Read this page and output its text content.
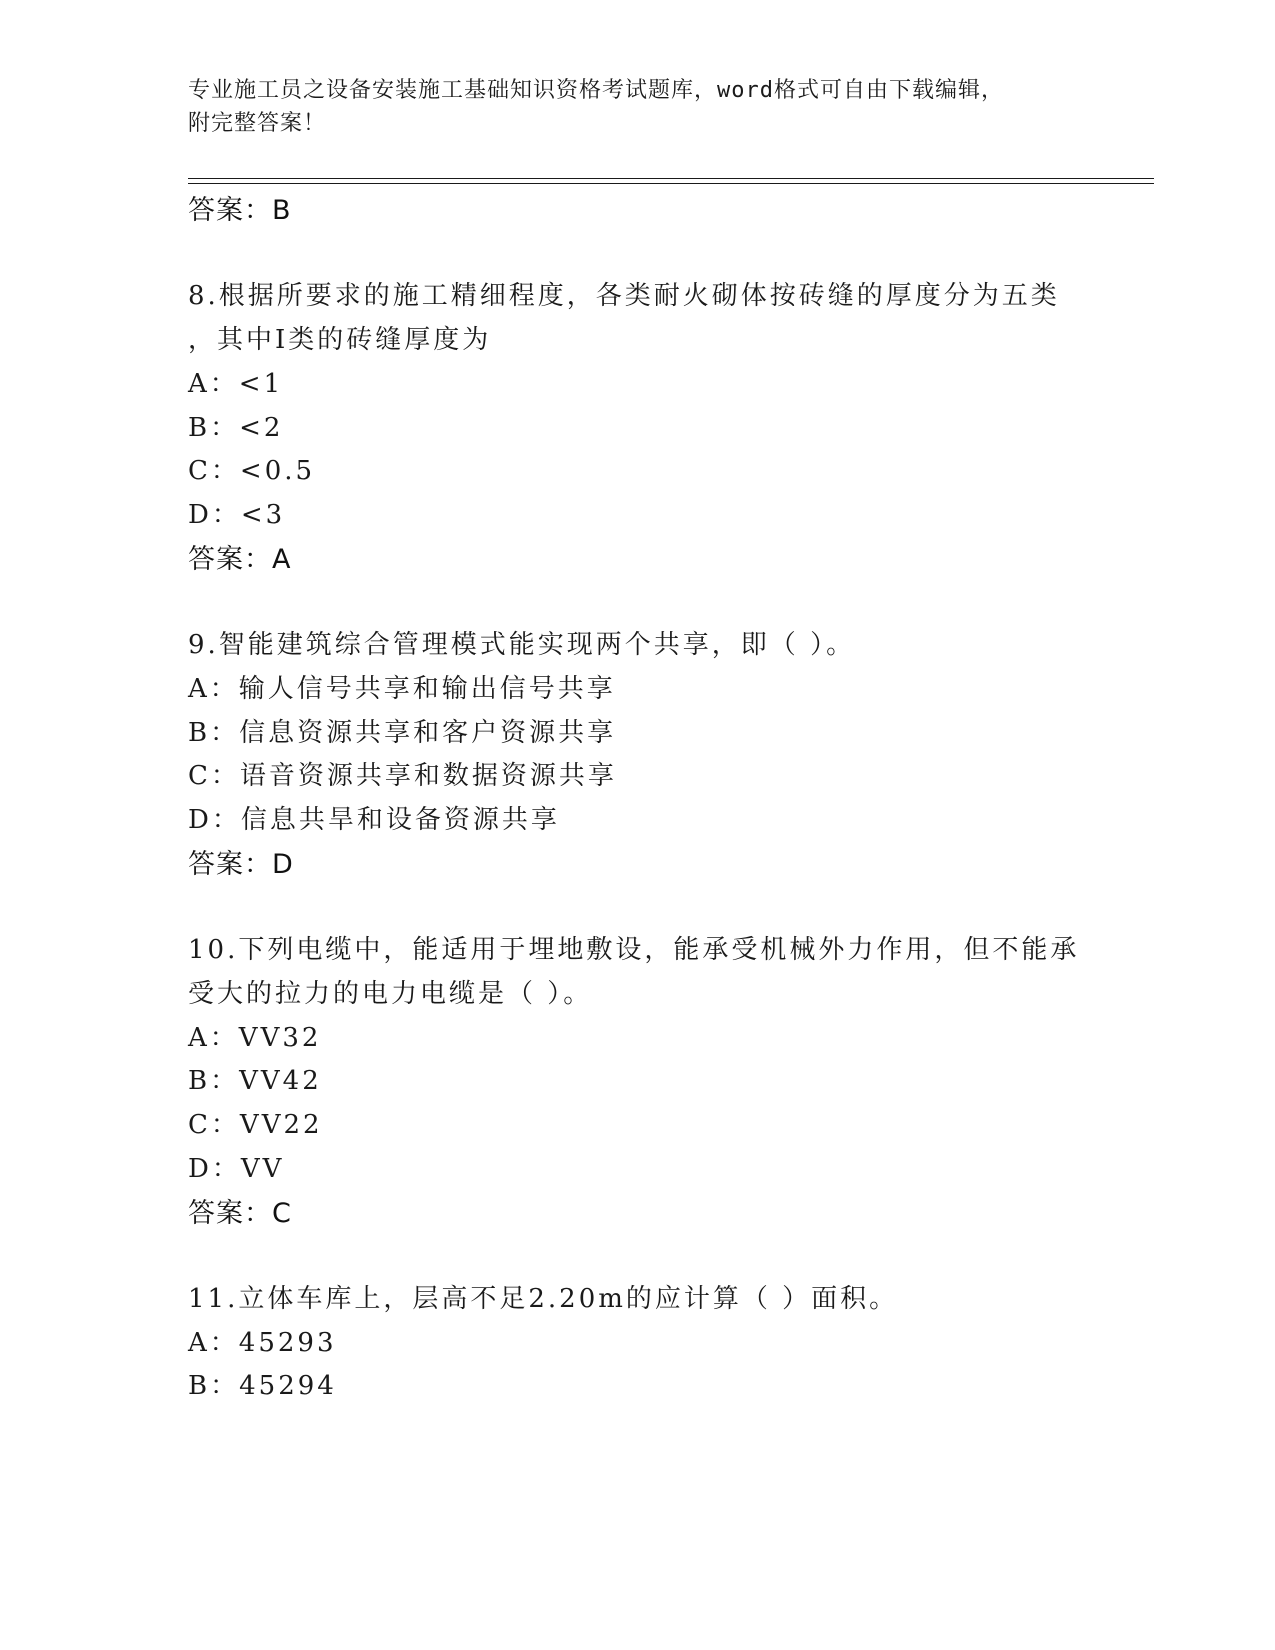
专业施工员之设备安装施工基础知识资格考试题库，word格式可自由下载编辑，
附完整答案！
答案：B
8.根据所要求的施工精细程度，各类耐火砌体按砖缝的厚度分为五类
，其中Ⅰ类的砖缝厚度为
A：<1
B：<2
C：<0.5
D：<3
答案：A
9.智能建筑综合管理模式能实现两个共享，即（ ）。
A：输人信号共享和输出信号共享
B：信息资源共享和客户资源共享
C：语音资源共享和数据资源共享
D：信息共旱和设备资源共享
答案：D
10.下列电缆中，能适用于埋地敷设，能承受机械外力作用，但不能承
受大的拉力的电力电缆是（ ）。
A：VV32
B：VV42
C：VV22
D：VV
答案：C
11.立体车库上，层高不足2.20m的应计算（ ）面积。
A：45293
B：45294
